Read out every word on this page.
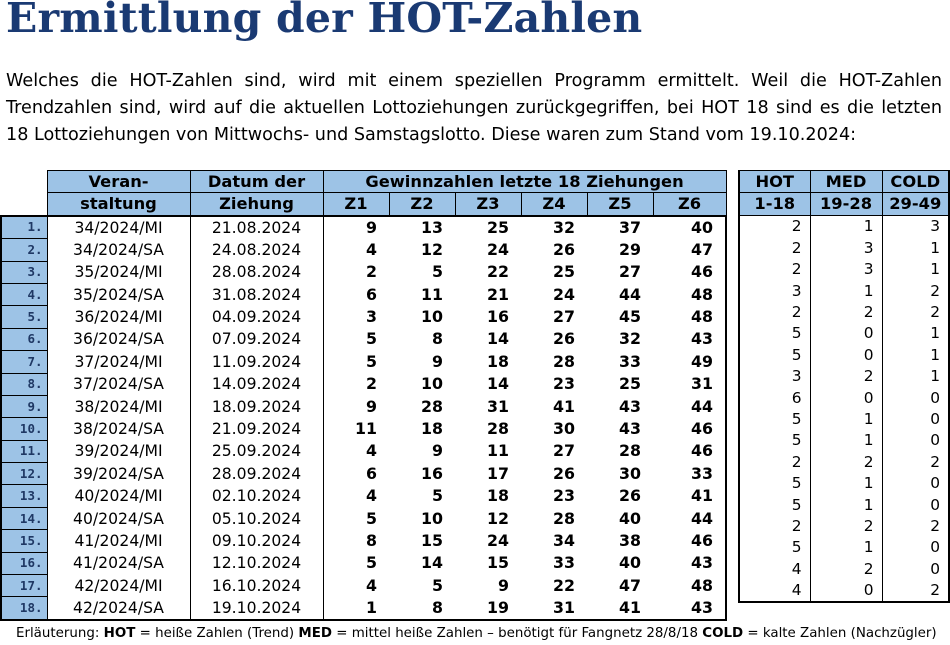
Ermittlung der HOT-Zahlen

Welches die HOT-Zahlen sind, wird mit einem speziellen Programm ermittelt. Weil die HOT-Zahlen Trendzahlen sind, wird auf die aktuellen Lottoziehungen zurückgegriffen, bei HOT 18 sind es die letzten 18 Lottoziehungen von Mittwochs- und Samstagslotto. Diese waren zum Stand vom 19.10.2024:

	Veran-	Datum der	Gewinnzahlen letzte 18 Ziehungen					
	staltung	Ziehung	Z1	Z2	Z3	Z4	Z5	Z6
1.	34/2024/MI	21.08.2024	9	13	25	32	37	40
2.	34/2024/SA	24.08.2024	4	12	24	26	29	47
3.	35/2024/MI	28.08.2024	2	5	22	25	27	46
4.	35/2024/SA	31.08.2024	6	11	21	24	44	48
5.	36/2024/MI	04.09.2024	3	10	16	27	45	48
6.	36/2024/SA	07.09.2024	5	8	14	26	32	43
7.	37/2024/MI	11.09.2024	5	9	18	28	33	49
8.	37/2024/SA	14.09.2024	2	10	14	23	25	31
9.	38/2024/MI	18.09.2024	9	28	31	41	43	44
10.	38/2024/SA	21.09.2024	11	18	28	30	43	46
11.	39/2024/MI	25.09.2024	4	9	11	27	28	46
12.	39/2024/SA	28.09.2024	6	16	17	26	30	33
13.	40/2024/MI	02.10.2024	4	5	18	23	26	41
14.	40/2024/SA	05.10.2024	5	10	12	28	40	44
15.	41/2024/MI	09.10.2024	8	15	24	34	38	46
16.	41/2024/SA	12.10.2024	5	14	15	33	40	43
17.	42/2024/MI	16.10.2024	4	5	9	22	47	48
18.	42/2024/SA	19.10.2024	1	8	19	31	41	43
HOT	MED	COLD
1-18	19-28	29-49
2	1	3
2	3	1
2	3	1
3	1	2
2	2	2
5	0	1
5	0	1
3	2	1
6	0	0
5	1	0
5	1	0
2	2	2
5	1	0
5	1	0
2	2	2
5	1	0
4	2	0
4	0	2

Erläuterung: HOT = heiße Zahlen (Trend) MED = mittel heiße Zahlen – benötigt für Fangnetz 28/8/18 COLD = kalte Zahlen (Nachzügler)
